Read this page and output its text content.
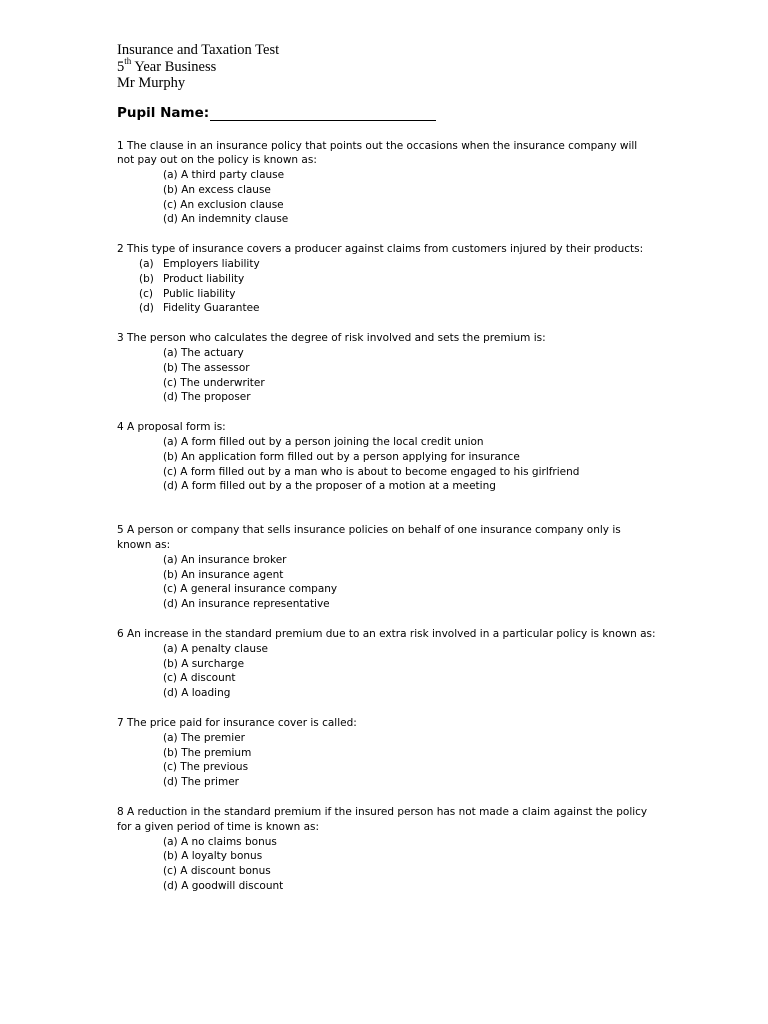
Insurance and Taxation Test
5th Year Business
Mr Murphy
Pupil Name:

1 The clause in an insurance policy that points out the occasions when the insurance company will not pay out on the policy is known as:

(a) A third party clause
(b) An excess clause
(c) An exclusion clause
(d) An indemnity clause

2 This type of insurance covers a producer against claims from customers injured by their products:

(a) Employers liability
(b) Product liability
(c) Public liability
(d) Fidelity Guarantee

3 The person who calculates the degree of risk involved and sets the premium is:

(a) The actuary
(b) The assessor
(c) The underwriter
(d) The proposer

4 A proposal form is:

(a) A form filled out by a person joining the local credit union
(b) An application form filled out by a person applying for insurance
(c) A form filled out by a man who is about to become engaged to his girlfriend
(d) A form filled out by a the proposer of a motion at a meeting

5 A person or company that sells insurance policies on behalf of one insurance company only is known as:

(a) An insurance broker
(b) An insurance agent
(c) A general insurance company
(d) An insurance representative

6 An increase in the standard premium due to an extra risk involved in a particular policy is known as:

(a) A penalty clause
(b) A surcharge
(c) A discount
(d) A loading

7 The price paid for insurance cover is called:

(a) The premier
(b) The premium
(c) The previous
(d) The primer

8 A reduction in the standard premium if the insured person has not made a claim against the policy for a given period of time is known as:

(a) A no claims bonus
(b) A loyalty bonus
(c) A discount bonus
(d) A goodwill discount
